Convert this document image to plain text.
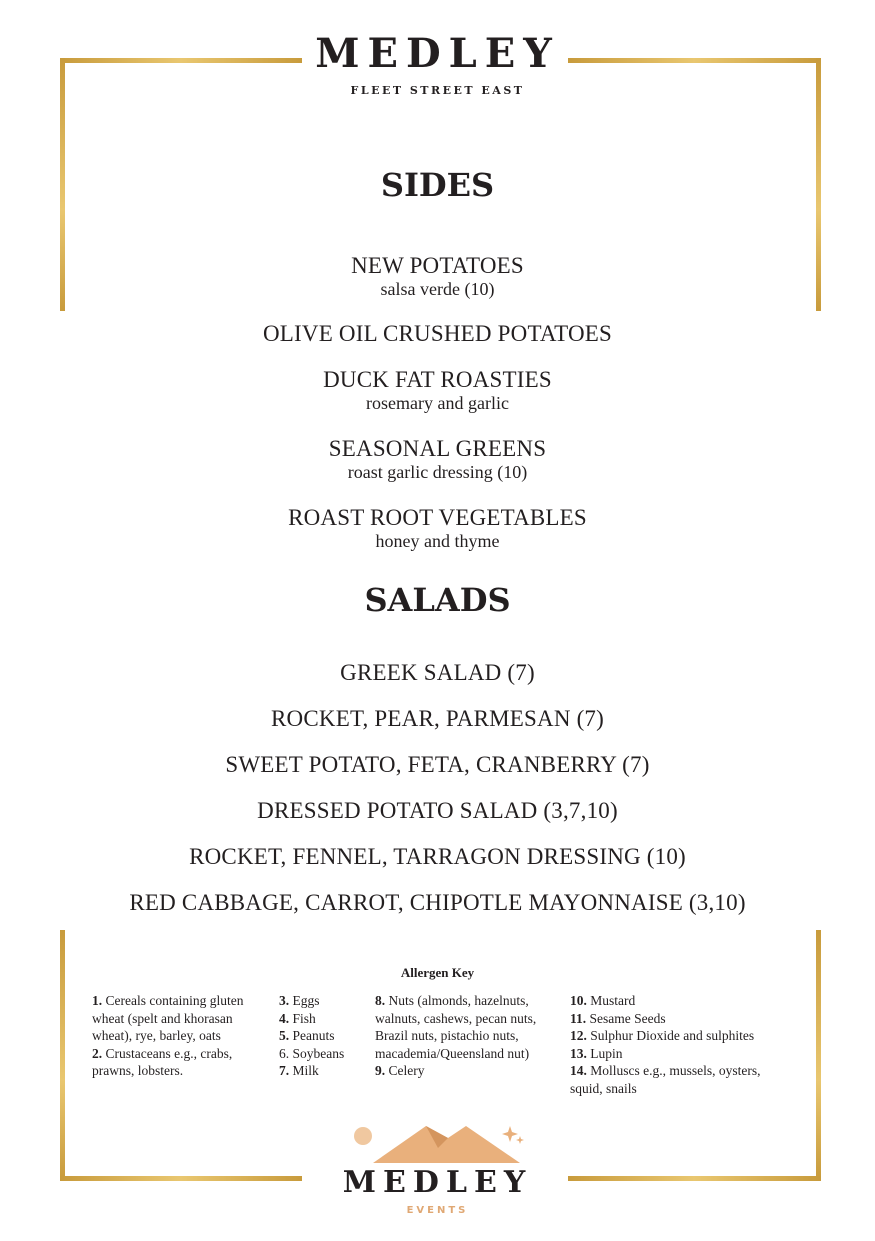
MEDLEY
FLEET STREET EAST
SIDES
NEW POTATOES
salsa verde (10)
OLIVE OIL CRUSHED POTATOES
DUCK FAT ROASTIES
rosemary and garlic
SEASONAL GREENS
roast garlic dressing (10)
ROAST ROOT VEGETABLES
honey and thyme
SALADS
GREEK SALAD (7)
ROCKET, PEAR, PARMESAN (7)
SWEET POTATO, FETA, CRANBERRY (7)
DRESSED POTATO SALAD (3,7,10)
ROCKET, FENNEL, TARRAGON DRESSING (10)
RED CABBAGE, CARROT, CHIPOTLE MAYONNAISE (3,10)
Allergen Key
1. Cereals containing gluten
wheat (spelt and khorasan
wheat), rye, barley, oats
2. Crustaceans e.g., crabs,
prawns, lobsters.
3. Eggs
4. Fish
5. Peanuts
6. Soybeans
7. Milk
8. Nuts (almonds, hazelnuts,
walnuts, cashews, pecan nuts,
Brazil nuts, pistachio nuts,
macademia/Queensland nut)
9. Celery
10. Mustard
11. Sesame Seeds
12. Sulphur Dioxide and sulphites
13. Lupin
14. Molluscs e.g., mussels, oysters,
squid, snails
MEDLEY
EVENTS
